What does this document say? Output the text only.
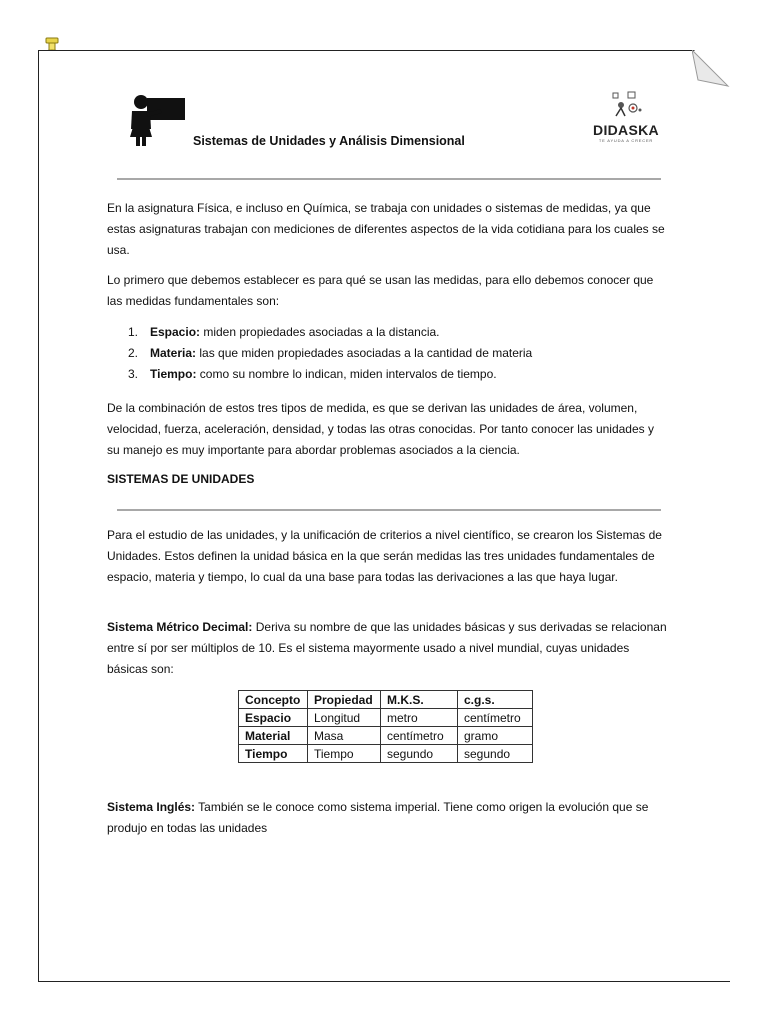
Sistemas de Unidades y Análisis Dimensional
DIDASKA
TE AYUDA A CRECER

En la asignatura Física, e incluso en Química, se trabaja con unidades o sistemas de medidas, ya que estas asignaturas trabajan con mediciones de diferentes aspectos de la vida cotidiana para los cuales se usa.

Lo primero que debemos establecer es para qué se usan las medidas, para ello debemos conocer que las medidas fundamentales son:

1. Espacio: miden propiedades asociadas a la distancia.
2. Materia: las que miden propiedades asociadas a la cantidad de materia
3. Tiempo: como su nombre lo indican, miden intervalos de tiempo.

De la combinación de estos tres tipos de medida, es que se derivan las unidades de área, volumen, velocidad, fuerza, aceleración, densidad, y todas las otras conocidas. Por tanto conocer las unidades y su manejo es muy importante para abordar problemas asociados a la ciencia.

SISTEMAS DE UNIDADES

Para el estudio de las unidades, y la unificación de criterios a nivel científico, se crearon los Sistemas de Unidades. Estos definen la unidad básica en la que serán medidas las tres unidades fundamentales de espacio, materia y tiempo, lo cual da una base para todas las derivaciones a las que haya lugar.

Sistema Métrico Decimal: Deriva su nombre de que las unidades básicas y sus derivadas se relacionan entre sí por ser múltiplos de 10. Es el sistema mayormente usado a nivel mundial, cuyas unidades básicas son:

Concepto	Propiedad	M.K.S.	c.g.s.
Espacio	Longitud	metro	centímetro
Material	Masa	centímetro	gramo
Tiempo	Tiempo	segundo	segundo

Sistema Inglés: También se le conoce como sistema imperial. Tiene como origen la evolución que se produjo en todas las unidades
